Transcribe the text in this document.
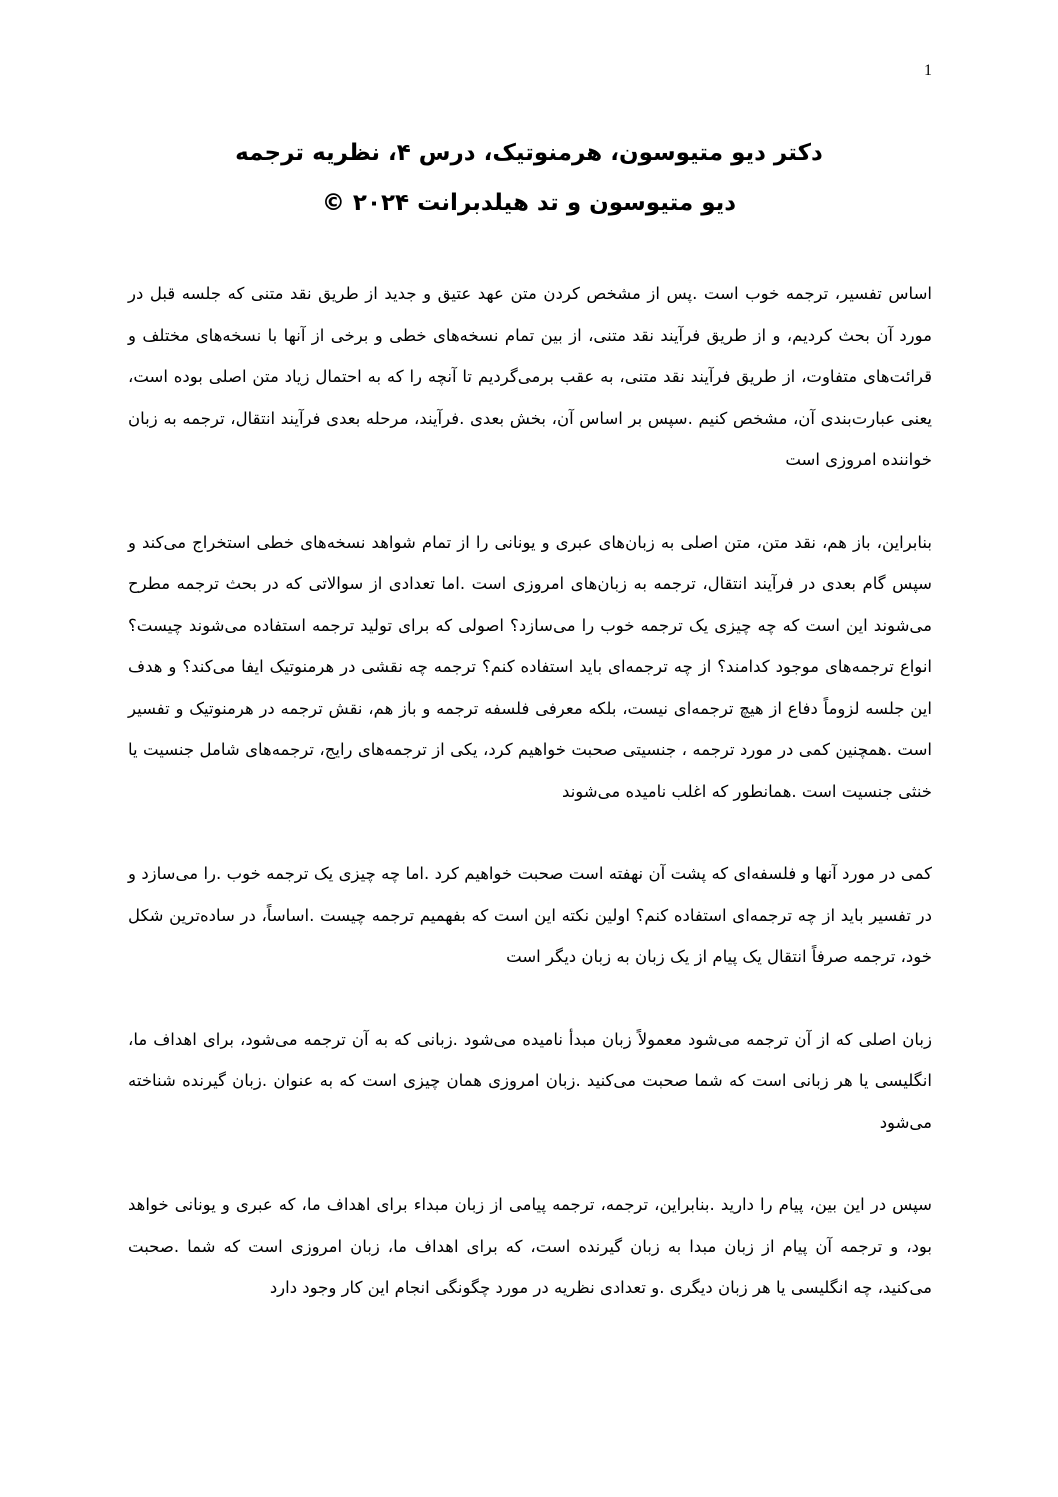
1

دکتر دیو متیوسون، هرمنوتیک، درس ۴، نظریه ترجمه

دیو متیوسون و تد هیلدبرانت ۲۰۲۴ ©

اساس تفسیر، ترجمه خوب است .پس از مشخص کردن متن عهد عتیق و جدید از طریق نقد متنی که جلسه قبل در مورد آن بحث کردیم، و از طریق فرآیند نقد متنی، از بین تمام نسخه‌های خطی و برخی از آنها با نسخه‌های مختلف و قرائت‌های متفاوت، از طریق فرآیند نقد متنی، به عقب برمی‌گردیم تا آنچه را که به احتمال زیاد متن اصلی بوده است، یعنی عبارت‌بندی آن، مشخص کنیم .سپس بر اساس آن، بخش بعدی .فرآیند، مرحله بعدی فرآیند انتقال، ترجمه به زبان خواننده امروزی است

بنابراین، باز هم، نقد متن، متن اصلی به زبان‌های عبری و یونانی را از تمام شواهد نسخه‌های خطی استخراج می‌کند و سپس گام بعدی در فرآیند انتقال، ترجمه به زبان‌های امروزی است .اما تعدادی از سوالاتی که در بحث ترجمه مطرح می‌شوند این است که چه چیزی یک ترجمه خوب را می‌سازد؟ اصولی که برای تولید ترجمه استفاده می‌شوند چیست؟ انواع ترجمه‌های موجود کدامند؟ از چه ترجمه‌ای باید استفاده کنم؟ ترجمه چه نقشی در هرمنوتیک ایفا می‌کند؟ و هدف این جلسه لزوماً دفاع از هیچ ترجمه‌ای نیست، بلکه معرفی فلسفه ترجمه و باز هم، نقش ترجمه در هرمنوتیک و تفسیر است .همچنین کمی در مورد ترجمه ، جنسیتی صحبت خواهیم کرد، یکی از ترجمه‌های رایج، ترجمه‌های شامل جنسیت یا خنثی جنسیت است .همانطور که اغلب نامیده می‌شوند

کمی در مورد آنها و فلسفه‌ای که پشت آن نهفته است صحبت خواهیم کرد .اما چه چیزی یک ترجمه خوب .را می‌سازد و در تفسیر باید از چه ترجمه‌ای استفاده کنم؟ اولین نکته این است که بفهمیم ترجمه چیست .اساساً، در ساده‌ترین شکل خود، ترجمه صرفاً انتقال یک پیام از یک زبان به زبان دیگر است

زبان اصلی که از آن ترجمه می‌شود معمولاً زبان مبدأ نامیده می‌شود .زبانی که به آن ترجمه می‌شود، برای اهداف ما، انگلیسی یا هر زبانی است که شما صحبت می‌کنید .زبان امروزی همان چیزی است که به عنوان .زبان گیرنده شناخته می‌شود

سپس در این بین، پیام را دارید .بنابراین، ترجمه، ترجمه پیامی از زبان مبداء برای اهداف ما، که عبری و یونانی خواهد بود، و ترجمه آن پیام از زبان مبدا به زبان گیرنده است، که برای اهداف ما، زبان امروزی است که شما .صحبت می‌کنید، چه انگلیسی یا هر زبان دیگری .و تعدادی نظریه در مورد چگونگی انجام این کار وجود دارد
